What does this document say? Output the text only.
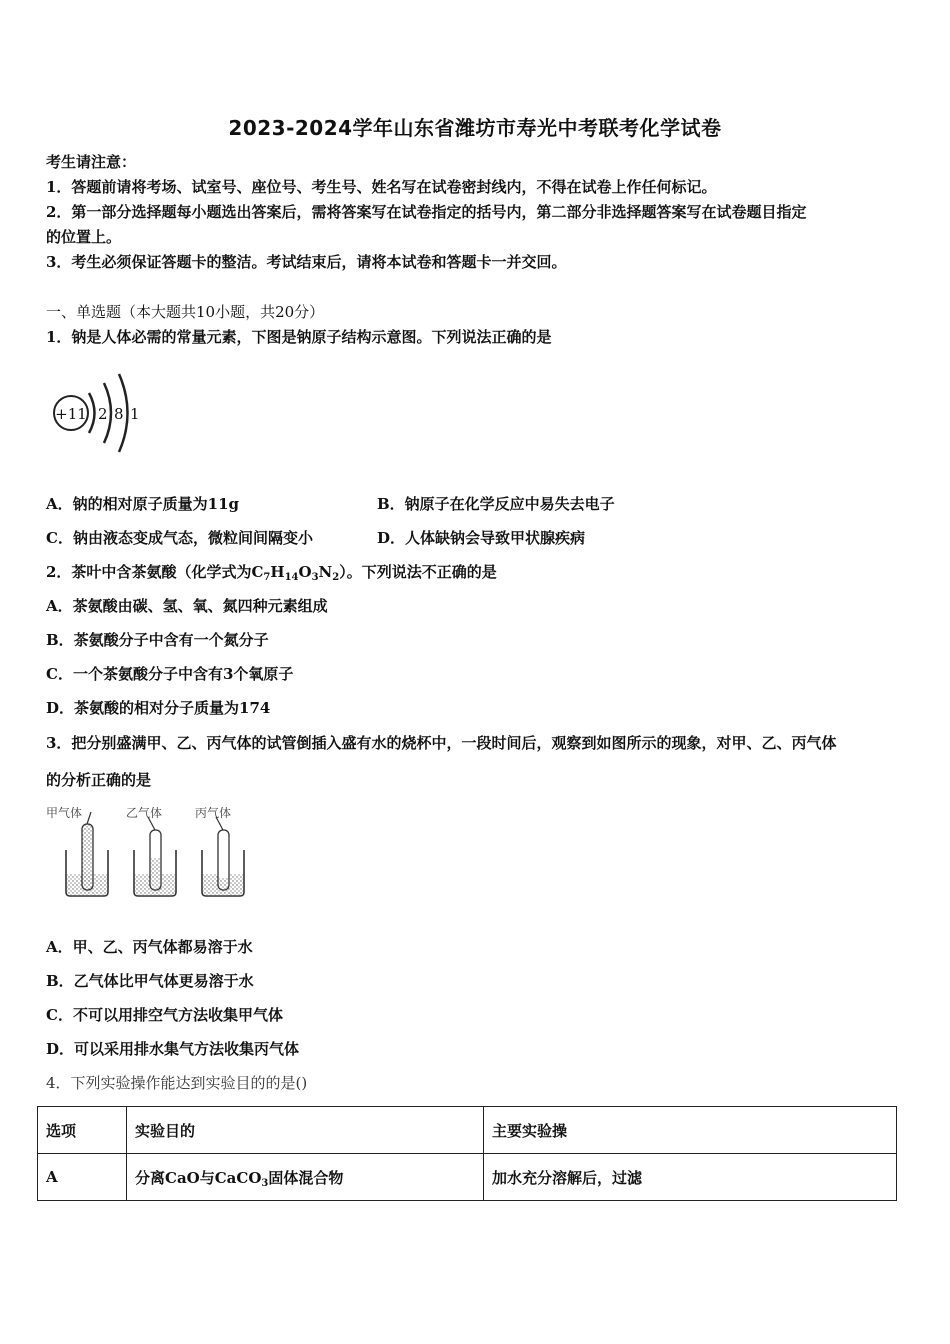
2023-2024学年山东省潍坊市寿光中考联考化学试卷
考生请注意：
1．答题前请将考场、试室号、座位号、考生号、姓名写在试卷密封线内，不得在试卷上作任何标记。
2．第一部分选择题每小题选出答案后，需将答案写在试卷指定的括号内，第二部分非选择题答案写在试卷题目指定
的位置上。
3．考生必须保证答题卡的整洁。考试结束后，请将本试卷和答题卡一并交回。
一、单选题（本大题共10小题，共20分）
1．钠是人体必需的常量元素，下图是钠原子结构示意图。下列说法正确的是
+11 2 8 1
A．钠的相对原子质量为11g	B．钠原子在化学反应中易失去电子
C．钠由液态变成气态，微粒间间隔变小	D．人体缺钠会导致甲状腺疾病
2．茶叶中含茶氨酸（化学式为$C_7H_{14}O_3N_2$）。下列说法不正确的是
A．茶氨酸由碳、氢、氧、氮四种元素组成
B．茶氨酸分子中含有一个氮分子
C．一个茶氨酸分子中含有3个氧原子
D．茶氨酸的相对分子质量为174
3．把分别盛满甲、乙、丙气体的试管倒插入盛有水的烧杯中，一段时间后，观察到如图所示的现象，对甲、乙、丙气体
的分析正确的是
甲气体	乙气体	丙气体
A．甲、乙、丙气体都易溶于水
B．乙气体比甲气体更易溶于水
C．不可以用排空气方法收集甲气体
D．可以采用排水集气方法收集丙气体
4．下列实验操作能达到实验目的的是()
选项	实验目的	主要实验操
A	分离CaO与CaCO$_3$固体混合物	加水充分溶解后，过滤
